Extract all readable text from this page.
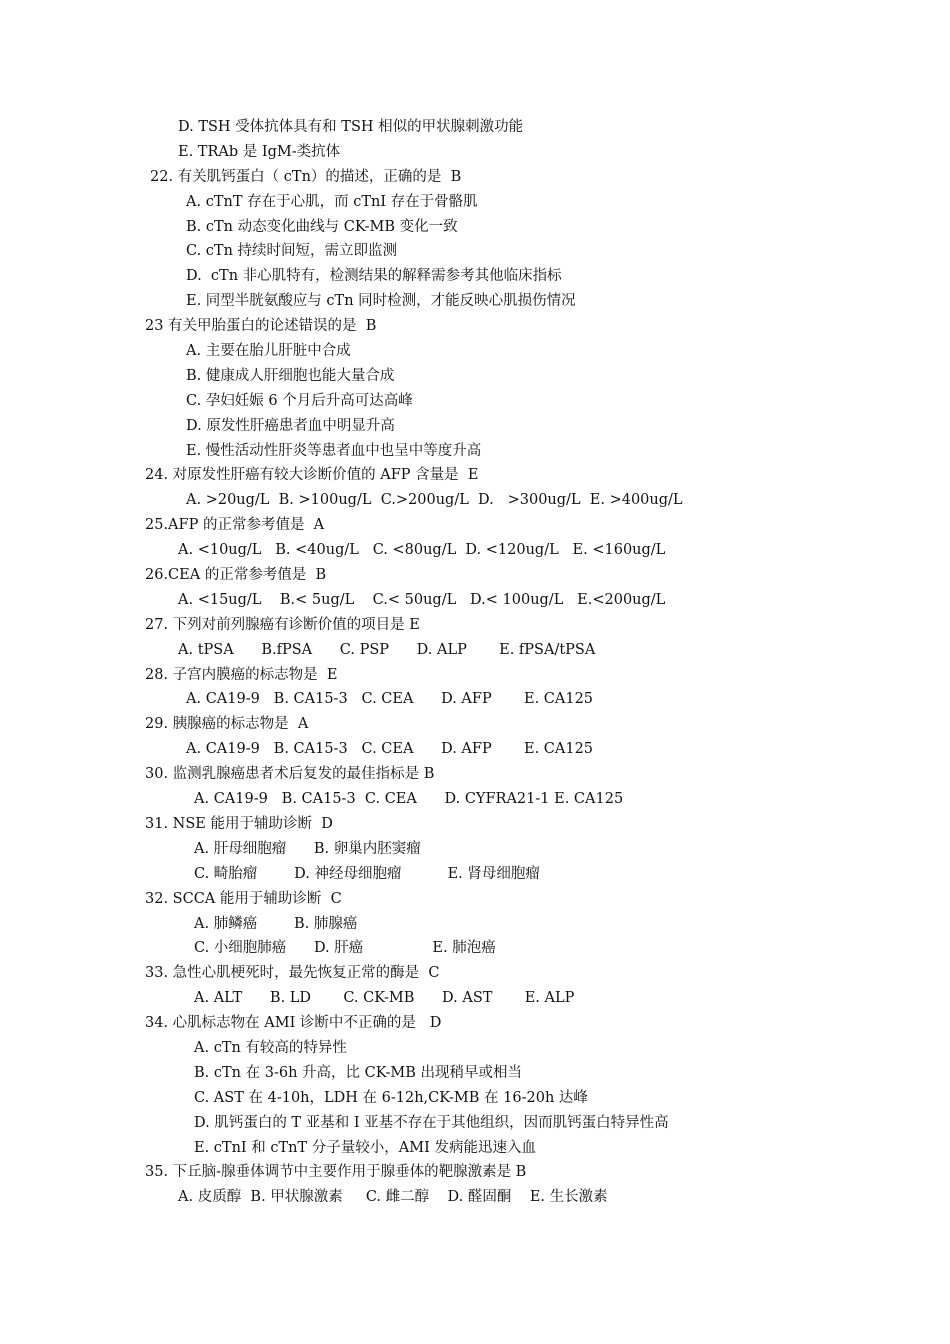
D. TSH 受体抗体具有和 TSH 相似的甲状腺刺激功能
E. TRAb 是 IgM-类抗体
22. 有关肌钙蛋白（ cTn）的描述，正确的是  B
A. cTnT 存在于心肌，而 cTnI 存在于骨骼肌
B. cTn 动态变化曲线与 CK-MB 变化一致
C. cTn 持续时间短，需立即监测
D.  cTn 非心肌特有，检测结果的解释需参考其他临床指标
E. 同型半胱氨酸应与 cTn 同时检测，才能反映心肌损伤情况
23 有关甲胎蛋白的论述错误的是  B
A. 主要在胎儿肝脏中合成
B. 健康成人肝细胞也能大量合成
C. 孕妇妊娠 6 个月后升高可达高峰
D. 原发性肝癌患者血中明显升高
E. 慢性活动性肝炎等患者血中也呈中等度升高
24. 对原发性肝癌有较大诊断价值的 AFP 含量是  E
A. >20ug/L  B. >100ug/L  C.>200ug/L  D.   >300ug/L  E. >400ug/L
25.AFP 的正常参考值是  A
A. <10ug/L   B. <40ug/L   C. <80ug/L  D. <120ug/L   E. <160ug/L
26.CEA 的正常参考值是  B
A. <15ug/L    B.< 5ug/L    C.< 50ug/L   D.< 100ug/L   E.<200ug/L
27. 下列对前列腺癌有诊断价值的项目是 E
A. tPSA      B.fPSA      C. PSP      D. ALP       E. fPSA/tPSA
28. 子宫内膜癌的标志物是  E
A. CA19-9   B. CA15-3   C. CEA      D. AFP       E. CA125
29. 胰腺癌的标志物是  A
A. CA19-9   B. CA15-3   C. CEA      D. AFP       E. CA125
30. 监测乳腺癌患者术后复发的最佳指标是 B
A. CA19-9   B. CA15-3  C. CEA      D. CYFRA21-1 E. CA125
31. NSE 能用于辅助诊断  D
A. 肝母细胞瘤      B. 卵巢内胚窦瘤
C. 畸胎瘤        D. 神经母细胞瘤          E. 肾母细胞瘤
32. SCCA 能用于辅助诊断  C
A. 肺鳞癌        B. 肺腺癌
C. 小细胞肺癌      D. 肝癌               E. 肺泡癌
33. 急性心肌梗死时，最先恢复正常的酶是  C
A. ALT      B. LD       C. CK-MB      D. AST       E. ALP
34. 心肌标志物在 AMI 诊断中不正确的是   D
A. cTn 有较高的特异性
B. cTn 在 3-6h 升高，比 CK-MB 出现稍早或相当
C. AST 在 4-10h，LDH 在 6-12h,CK-MB 在 16-20h 达峰
D. 肌钙蛋白的 T 亚基和 I 亚基不存在于其他组织，因而肌钙蛋白特异性高
E. cTnI 和 cTnT 分子量较小，AMI 发病能迅速入血
35. 下丘脑-腺垂体调节中主要作用于腺垂体的靶腺激素是 B
A. 皮质醇  B. 甲状腺激素     C. 雌二醇    D. 醛固酮    E. 生长激素
